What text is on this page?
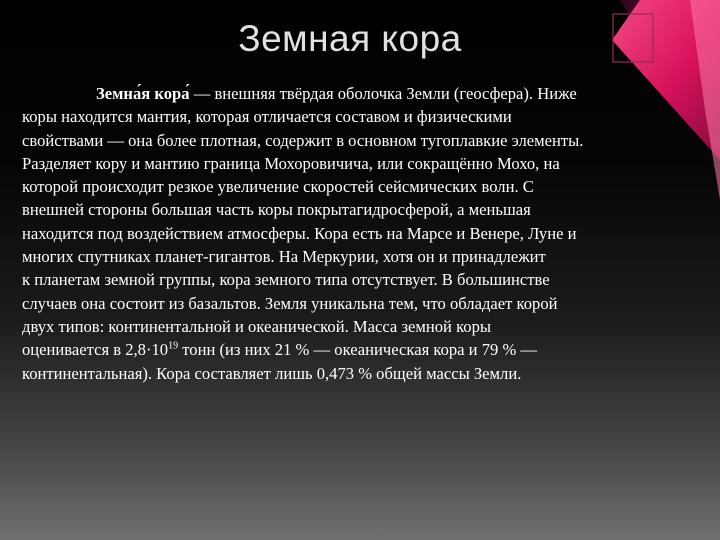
Земная кора
Земна́я кора́ — внешняя твёрдая оболочка Земли (геосфера). Ниже
коры находится мантия, которая отличается составом и физическими
свойствами — она более плотная, содержит в основном тугоплавкие элементы.
Разделяет кору и мантию граница Мохоровичича, или сокращённо Мохо, на
которой происходит резкое увеличение скоростей сейсмических волн. С
внешней стороны большая часть коры покрытагидросферой, а меньшая
находится под воздействием атмосферы. Кора есть на Марсе и Венере, Луне и
многих спутниках планет-гигантов. На Меркурии, хотя он и принадлежит
к планетам земной группы, кора земного типа отсутствует. В большинстве
случаев она состоит из базальтов. Земля уникальна тем, что обладает корой
двух типов: континентальной и океанической. Масса земной коры
оценивается в $2,8\cdot 10^{19}$ тонн (из них 21 % — океаническая кора и 79 % —
континентальная). Кора составляет лишь 0,473 % общей массы Земли.
